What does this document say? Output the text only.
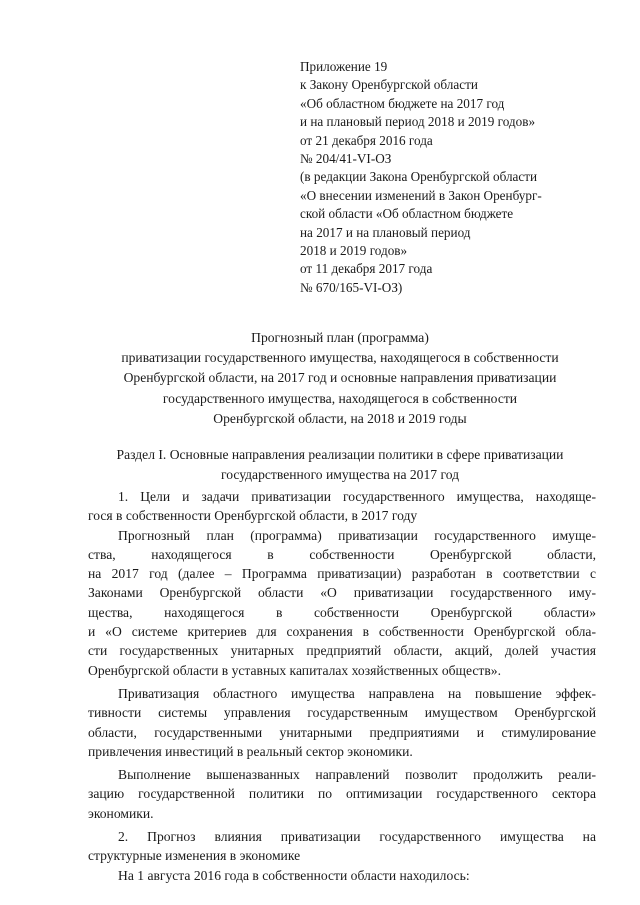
Приложение 19
к Закону Оренбургской области
«Об областном бюджете на 2017 год
и на плановый период 2018 и 2019 годов»
от 21 декабря 2016 года
№ 204/41-VI-ОЗ
(в редакции Закона Оренбургской области
«О внесении изменений в Закон Оренбург-
ской области «Об областном бюджете
на 2017 и на плановый период
2018 и 2019 годов»
от 11 декабря 2017 года
№ 670/165-VI-ОЗ)
Прогнозный план (программа)
приватизации государственного имущества, находящегося в собственности
Оренбургской области, на 2017 год и основные направления приватизации
государственного имущества, находящегося в собственности
Оренбургской области, на 2018 и 2019 годы
Раздел I. Основные направления реализации политики в сфере приватизации
государственного имущества на 2017 год
1. Цели и задачи приватизации государственного имущества, находяще-
гося в собственности Оренбургской области, в 2017 году
Прогнозный план (программа) приватизации государственного имуще-
ства, находящегося в собственности Оренбургской области,
на 2017 год (далее – Программа приватизации) разработан в соответствии с
Законами Оренбургской области «О приватизации государственного иму-
щества, находящегося в собственности Оренбургской области»
и «О системе критериев для сохранения в собственности Оренбургской обла-
сти государственных унитарных предприятий области, акций, долей участия
Оренбургской области в уставных капиталах хозяйственных обществ».
Приватизация областного имущества направлена на повышение эффек-
тивности системы управления государственным имуществом Оренбургской
области, государственными унитарными предприятиями и стимулирование
привлечения инвестиций в реальный сектор экономики.
Выполнение вышеназванных направлений позволит продолжить реали-
зацию государственной политики по оптимизации государственного сектора
экономики.
2. Прогноз влияния приватизации государственного имущества на
структурные изменения в экономике
На 1 августа 2016 года в собственности области находилось:
